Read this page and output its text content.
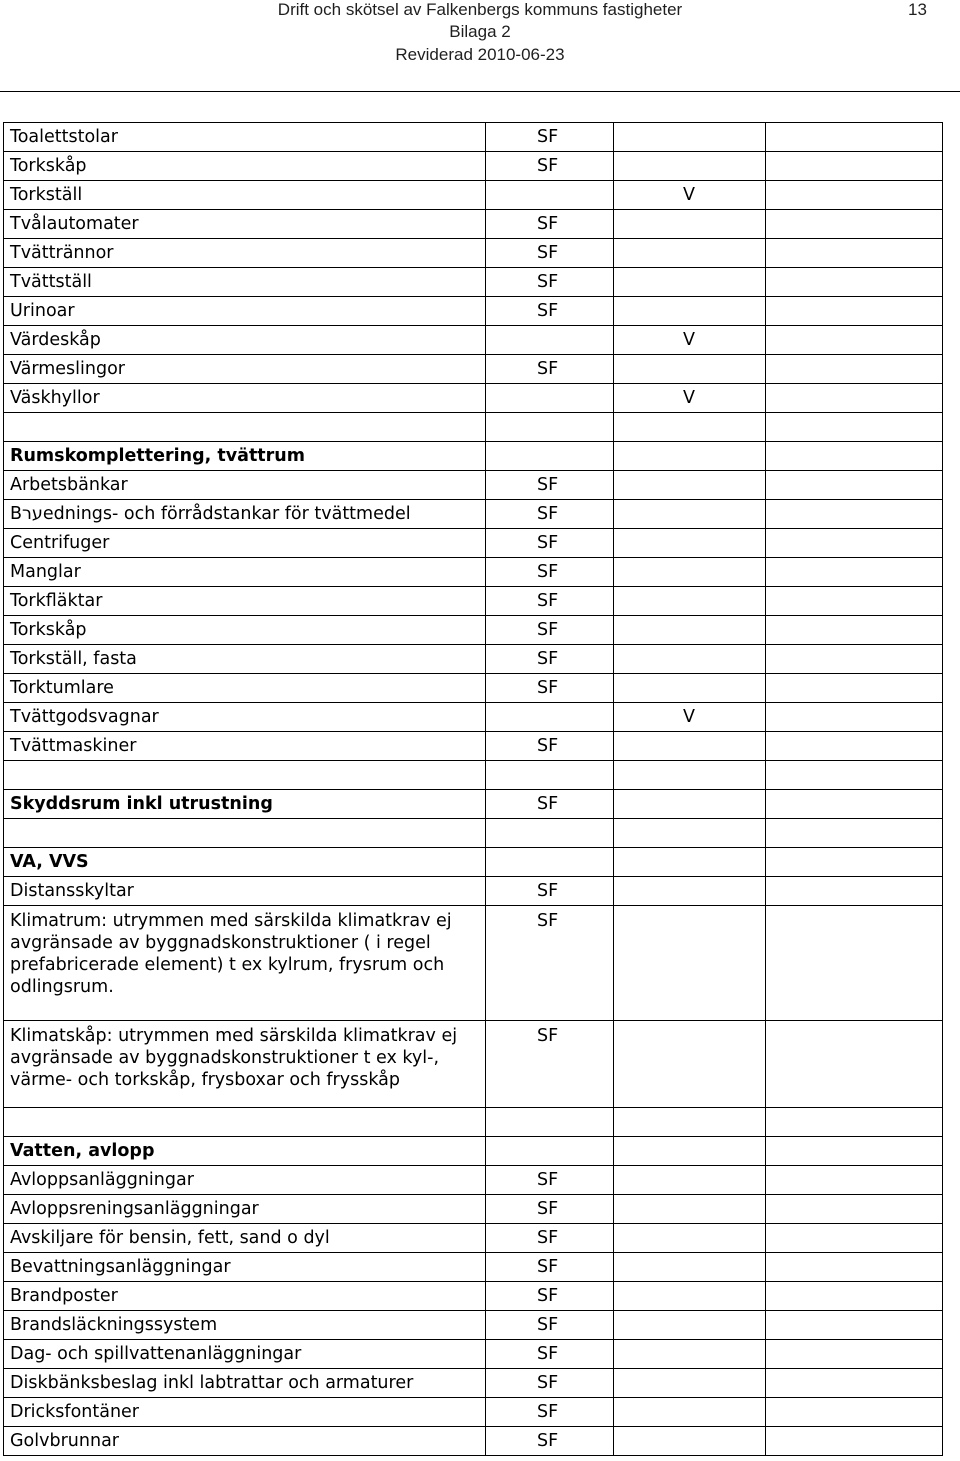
Drift och skötsel av Falkenbergs kommuns fastigheter
Bilaga 2
Reviderad 2010-06-23
13
Toalettstolar	SF		
Torkskåp	SF		
Torkställ		V	
Tvålautomater	SF		
Tvättrännor	SF		
Tvättställ	SF		
Urinoar	SF		
Värdeskåp		V	
Värmeslingor	SF		
Väskhyllor		V	

Rumskomplettering, tvättrum			
Arbetsbänkar	SF		
Bערednings- och förrådstankar för tvättmedel	SF		
Centrifuger	SF		
Manglar	SF		
Torkfläktar	SF		
Torkskåp	SF		
Torkställ, fasta	SF		
Torktumlare	SF		
Tvättgodsvagnar		V	
Tvättmaskiner	SF		

Skyddsrum inkl utrustning	SF		

VA, VVS			
Distansskyltar	SF		
Klimatrum: utrymmen med särskilda klimatkrav ej avgränsade av byggnadskonstruktioner ( i regel prefabricerade element) t ex kylrum, frysrum och odlingsrum.	SF		
Klimatskåp: utrymmen med särskilda klimatkrav ej avgränsade av byggnadskonstruktioner t ex kyl-, värme- och torkskåp, frysboxar och frysskåp	SF		

Vatten, avlopp			
Avloppsanläggningar	SF		
Avloppsreningsanläggningar	SF		
Avskiljare för bensin, fett, sand o dyl	SF		
Bevattningsanläggningar	SF		
Brandposter	SF		
Brandsläckningssystem	SF		
Dag- och spillvattenanläggningar	SF		
Diskbänksbeslag inkl labtrattar och armaturer	SF		
Dricksfontäner	SF		
Golvbrunnar	SF		
